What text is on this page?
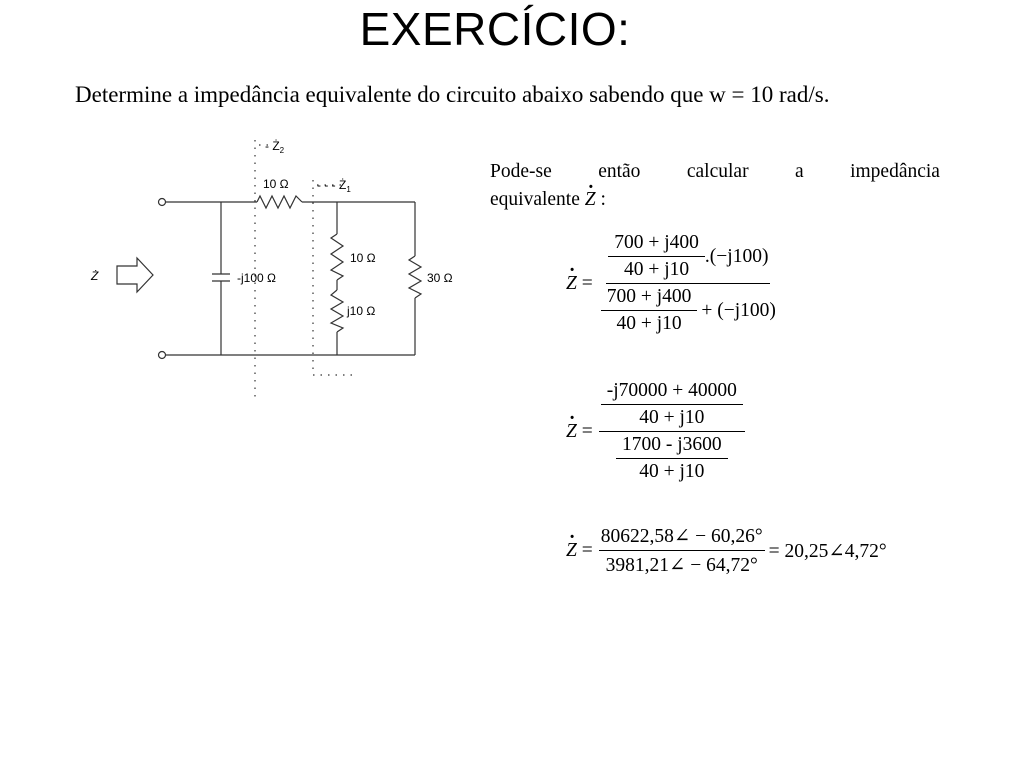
EXERCÍCIO:
Determine a impedância equivalente do circuito abaixo sabendo que w = 10 rad/s.
- $Ż_2$
- - - $Ż_1$
10 Ω
-j100 Ω
10 Ω
j10 Ω
30 Ω
Ż
Pode-se então calcular a impedância
equivalente · Z :
· $Z = \frac{\frac{700 + j400}{40 + j10} .(-j100)}{\frac{700 + j400}{40 + j10} + (-j100)}$
· $Z = \frac{\frac{-j70000 + 40000}{40 + j10}}{\frac{1700 - j3600}{40 + j10}}$
· $Z = \frac{80622,58\angle - 60,26^\circ}{3981,21\angle - 64,72^\circ}$ = 20,25∠4,72°
